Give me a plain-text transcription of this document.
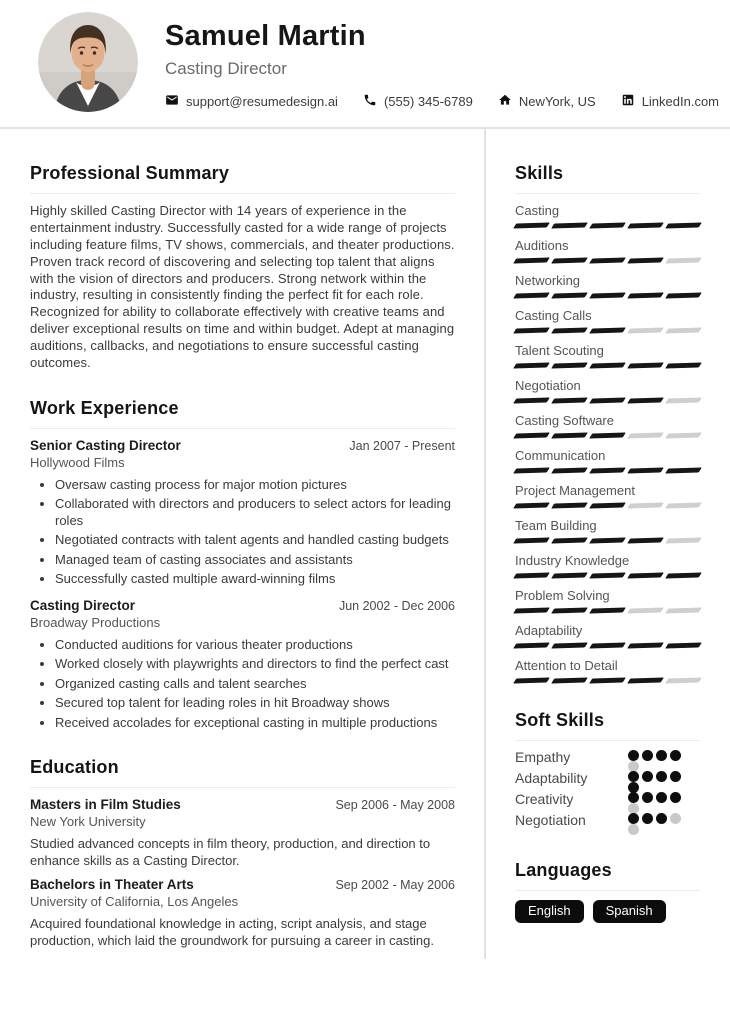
Samuel Martin
Casting Director
support@resumedesign.ai	(555) 345-6789	NewYork, US	LinkedIn.com
Professional Summary

Highly skilled Casting Director with 14 years of experience in the entertainment industry. Successfully casted for a wide range of projects including feature films, TV shows, commercials, and theater productions. Proven track record of discovering and selecting top talent that aligns with the vision of directors and producers. Strong network within the industry, resulting in consistently finding the perfect fit for each role. Recognized for ability to collaborate effectively with creative teams and deliver exceptional results on time and within budget. Adept at managing auditions, callbacks, and negotiations to ensure successful casting outcomes.

Work Experience
Senior Casting Director	Jan 2007 - Present
Hollywood Films
• Oversaw casting process for major motion pictures
• Collaborated with directors and producers to select actors for leading roles
• Negotiated contracts with talent agents and handled casting budgets
• Managed team of casting associates and assistants
• Successfully casted multiple award-winning films
Casting Director	Jun 2002 - Dec 2006
Broadway Productions
• Conducted auditions for various theater productions
• Worked closely with playwrights and directors to find the perfect cast
• Organized casting calls and talent searches
• Secured top talent for leading roles in hit Broadway shows
• Received accolades for exceptional casting in multiple productions
Education
Masters in Film Studies	Sep 2006 - May 2008
New York University

Studied advanced concepts in film theory, production, and direction to enhance skills as a Casting Director.

Bachelors in Theater Arts	Sep 2002 - May 2006
University of California, Los Angeles

Acquired foundational knowledge in acting, script analysis, and stage production, which laid the groundwork for pursuing a career in casting.

Skills
Casting
Auditions
Networking
Casting Calls
Talent Scouting
Negotiation
Casting Software
Communication
Project Management
Team Building
Industry Knowledge
Problem Solving
Adaptability
Attention to Detail
Soft Skills
Empathy
Adaptability
Creativity
Negotiation
Languages
English	Spanish
